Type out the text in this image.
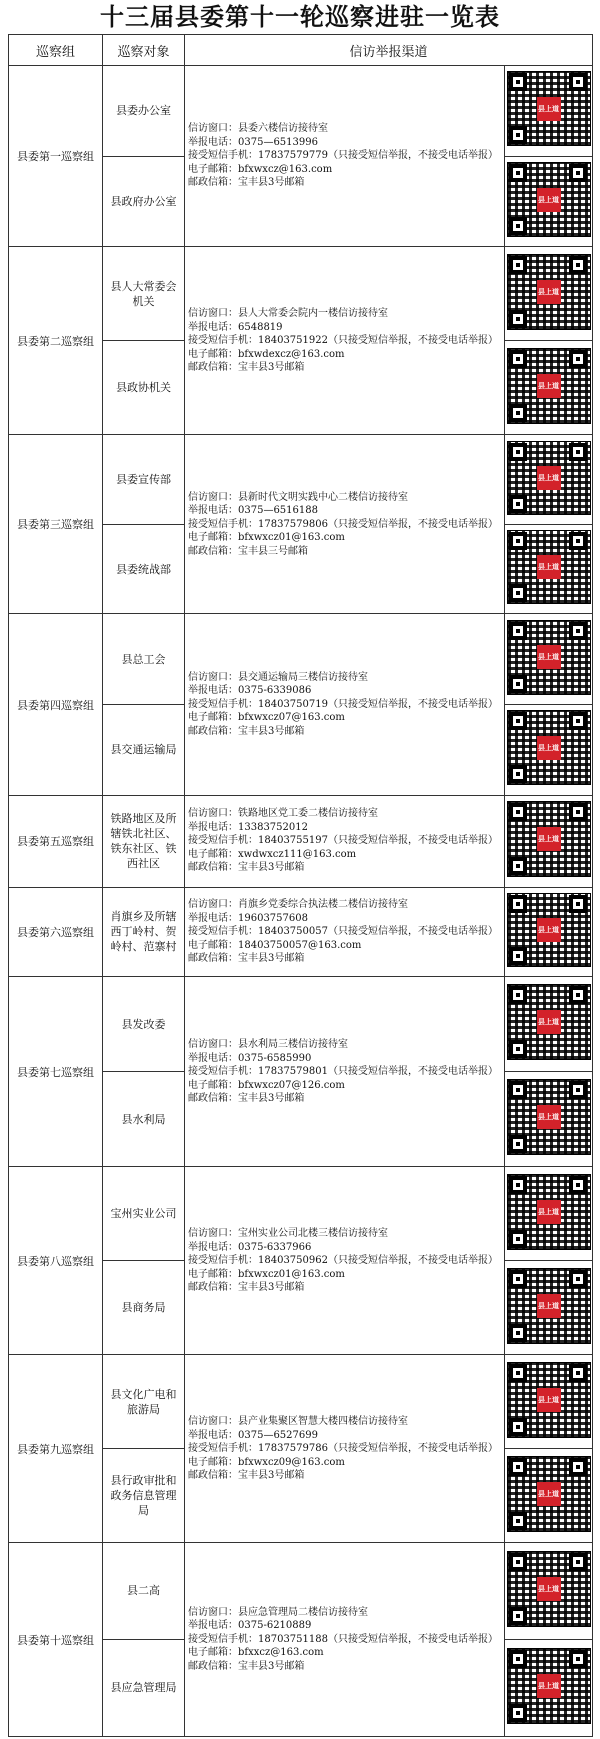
十三届县委第十一轮巡察进驻一览表
巡察组	巡察对象	信访举报渠道	
县委第一巡察组	县委办公室	信访窗口：县委六楼信访接待室
举报电话：0375—6513996
接受短信手机：17837579779（只接受短信举报，不接受电话举报）
电子邮箱：bfxwxcz@163.com
邮政信箱：宝丰县3号邮箱	县上道

	县政府办公室		县上道

县委第二巡察组	县人大常委会机关	信访窗口：县人大常委会院内一楼信访接待室
举报电话：6548819
接受短信手机：18403751922（只接受短信举报，不接受电话举报）
电子邮箱：bfxwdexcz@163.com
邮政信箱：宝丰县3号邮箱	县上道

	县政协机关		县上道

县委第三巡察组	县委宣传部	信访窗口：县新时代文明实践中心二楼信访接待室
举报电话：0375—6516188
接受短信手机：17837579806（只接受短信举报，不接受电话举报）
电子邮箱：bfxwxcz01@163.com
邮政信箱：宝丰县三号邮箱	县上道

	县委统战部		县上道

县委第四巡察组	县总工会	信访窗口：县交通运输局三楼信访接待室
举报电话：0375-6339086
接受短信手机：18403750719（只接受短信举报，不接受电话举报）
电子邮箱：bfxwxcz07@163.com
邮政信箱：宝丰县3号邮箱	县上道

	县交通运输局		县上道

县委第五巡察组	铁路地区及所辖铁北社区、铁东社区、铁西社区	信访窗口：铁路地区党工委二楼信访接待室
举报电话：13383752012
接受短信手机：18403755197（只接受短信举报，不接受电话举报）
电子邮箱：xwdwxcz111@163.com
邮政信箱：宝丰县3号邮箱	县上道

县委第六巡察组	肖旗乡及所辖西丁岭村、贺岭村、范寨村	信访窗口：肖旗乡党委综合执法楼二楼信访接待室
举报电话：19603757608
接受短信手机：18403750057（只接受短信举报，不接受电话举报）
电子邮箱：18403750057@163.com
邮政信箱：宝丰县3号邮箱	县上道

县委第七巡察组	县发改委	信访窗口：县水利局三楼信访接待室
举报电话：0375-6585990
接受短信手机：17837579801（只接受短信举报，不接受电话举报）
电子邮箱：bfxwxcz07@126.com
邮政信箱：宝丰县3号邮箱	县上道

	县水利局		县上道

县委第八巡察组	宝州实业公司	信访窗口：宝州实业公司北楼三楼信访接待室
举报电话：0375-6337966
接受短信手机：18403750962（只接受短信举报，不接受电话举报）
电子邮箱：bfxwxcz01@163.com
邮政信箱：宝丰县3号邮箱	县上道

	县商务局		县上道

县委第九巡察组	县文化广电和旅游局	信访窗口：县产业集聚区智慧大楼四楼信访接待室
举报电话：0375—6527699
接受短信手机：17837579786（只接受短信举报，不接受电话举报）
电子邮箱：bfxwxcz09@163.com
邮政信箱：宝丰县3号邮箱	县上道

	县行政审批和政务信息管理局		县上道

县委第十巡察组	县二高	信访窗口：县应急管理局二楼信访接待室
举报电话：0375-6210889
接受短信手机：18703751188（只接受短信举报，不接受电话举报）
电子邮箱：bfxxcz@163.com
邮政信箱：宝丰县3号邮箱	县上道

	县应急管理局		县上道
